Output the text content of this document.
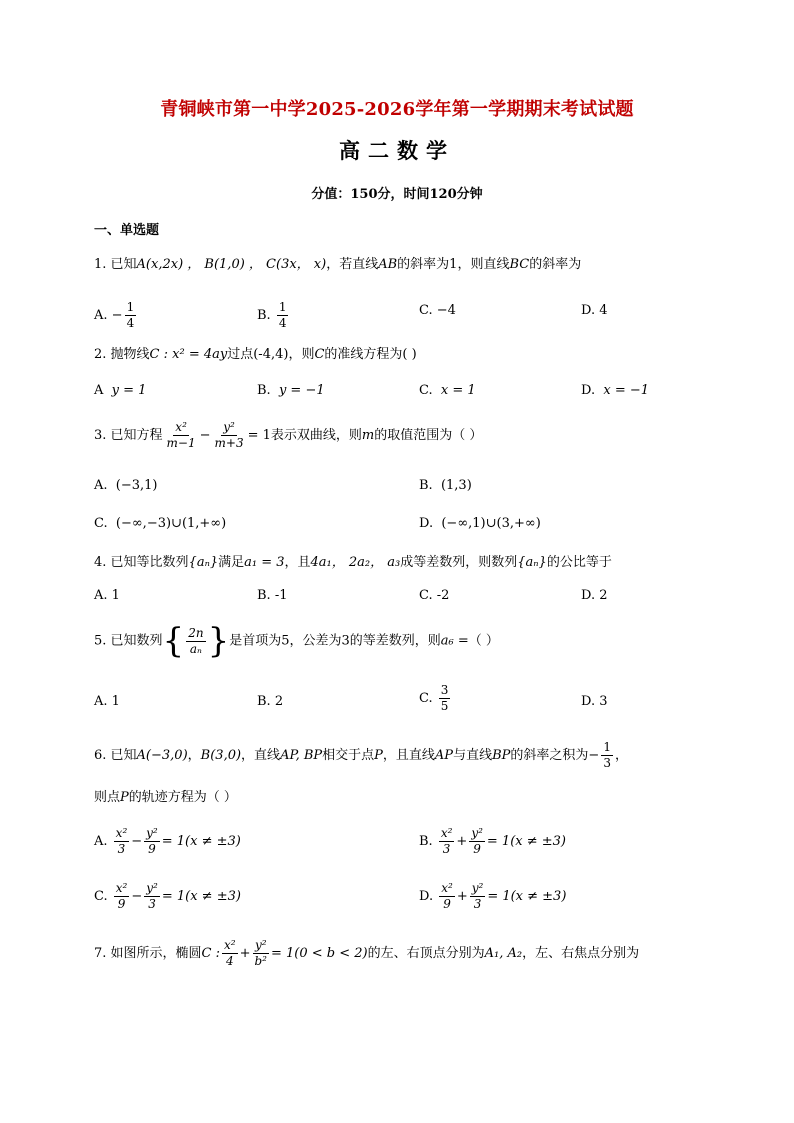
青铜峡市第一中学2025-2026学年第一学期期末考试试题
高二数学
分值：150分，时间120分钟
一、单选题
1. 已知A(x,2x) ， B(1,0) ， C(3x， x)，若直线AB的斜率为1，则直线BC的斜率为
A. − $\frac{1}{4}$	B. $\frac{1}{4}$	C. −4	D. 4
2. 抛物线C : x² = 4ay过点(-4,4)，则C的准线方程为( )
A y = 1	B. y = −1	C. x = 1	D. x = −1
3. 已知方程 $\frac{\text{x²}}{m-1} - \frac{\text{y²}}{m+3} = 1$表示双曲线，则m的取值范围为（ ）
A. (−3,1)	B. (1,3)
C. (−∞,−3)∪(1,+∞)	D. (−∞,1)∪(3,+∞)
4. 已知等比数列{aₙ}满足a₁ = 3，且4a₁， 2a₂， a₃成等差数列，则数列{aₙ}的公比等于
A. 1	B. -1	C. -2	D. 2
5. 已知数列{ $\frac{2n}{\text{aₙ}}$ }是首项为5，公差为3的等差数列，则a₆ =（ ）
A. 1	B. 2	C. $\frac{3}{5}$	D. 3
6. 已知A(−3,0)，B(3,0)，直线AP, BP相交于点P，且直线AP与直线BP的斜率之积为− $\frac{1}{3}$ ，
则点P的轨迹方程为（ ）
A. $\frac{\text{x²}}{3} - \frac{\text{y²}}{9} = 1(x \ne \pm 3)$	B. $\frac{\text{x²}}{3} + \frac{\text{y²}}{9} = 1(x \ne \pm 3)$
C. $\frac{\text{x²}}{9} - \frac{\text{y²}}{3} = 1(x \ne \pm 3)$	D. $\frac{\text{x²}}{9} + \frac{\text{y²}}{3} = 1(x \ne \pm 3)$
7. 如图所示，椭圆C : $\frac{\text{x²}}{4} + \frac{\text{y²}}{\text{b²}} = 1(0 < b < 2)$的左、右顶点分别为A₁, A₂，左、右焦点分别为
